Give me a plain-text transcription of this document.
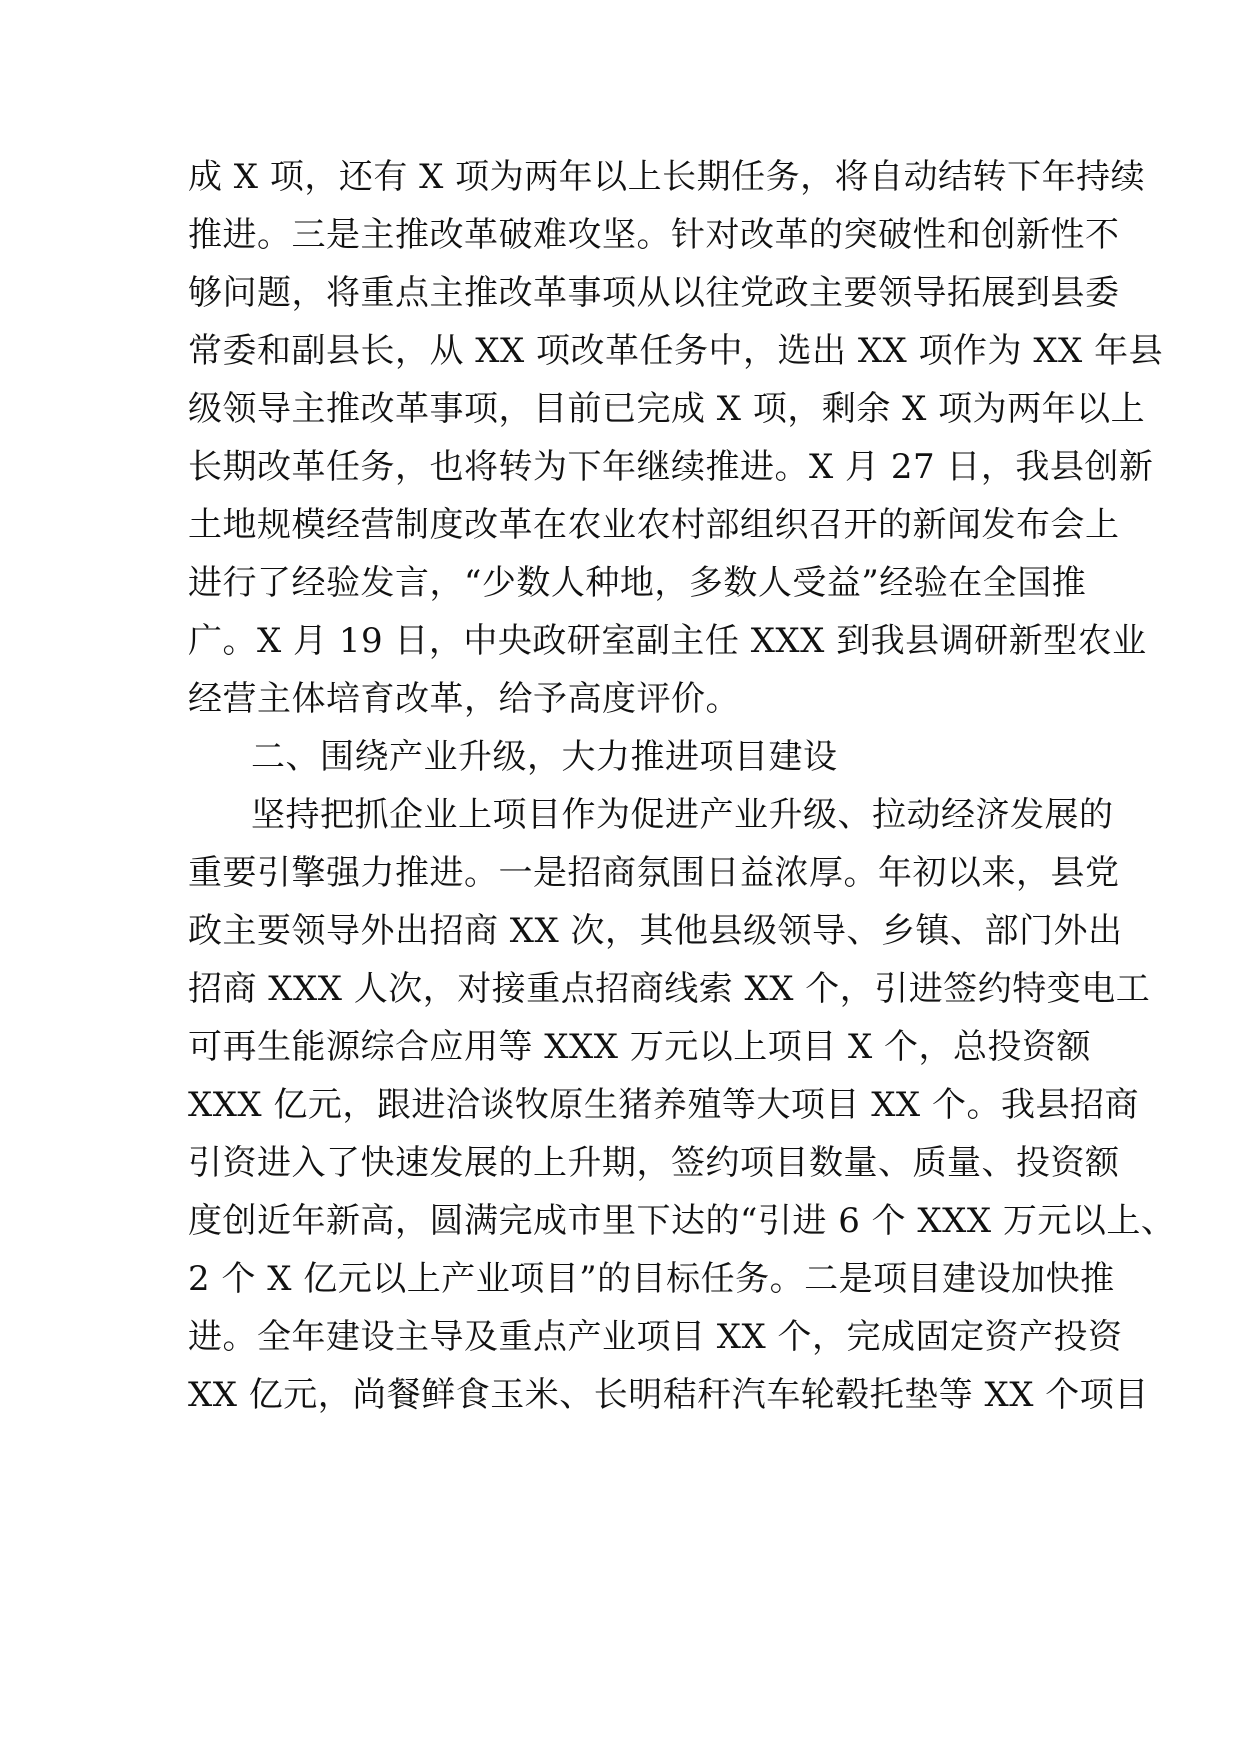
成 X 项，还有 X 项为两年以上长期任务，将自动结转下年持续

推进。三是主推改革破难攻坚。针对改革的突破性和创新性不

够问题，将重点主推改革事项从以往党政主要领导拓展到县委

常委和副县长，从 XX 项改革任务中，选出 XX 项作为 XX 年县

级领导主推改革事项，目前已完成 X 项，剩余 X 项为两年以上

长期改革任务，也将转为下年继续推进。X 月 27 日，我县创新

土地规模经营制度改革在农业农村部组织召开的新闻发布会上

进行了经验发言，“少数人种地，多数人受益”经验在全国推

广。X 月 19 日，中央政研室副主任 XXX 到我县调研新型农业

经营主体培育改革，给予高度评价。

二、围绕产业升级，大力推进项目建设

坚持把抓企业上项目作为促进产业升级、拉动经济发展的

重要引擎强力推进。一是招商氛围日益浓厚。年初以来，县党

政主要领导外出招商 XX 次，其他县级领导、乡镇、部门外出

招商 XXX 人次，对接重点招商线索 XX 个，引进签约特变电工

可再生能源综合应用等 XXX 万元以上项目 X 个，总投资额

XXX 亿元，跟进洽谈牧原生猪养殖等大项目 XX 个。我县招商

引资进入了快速发展的上升期，签约项目数量、质量、投资额

度创近年新高，圆满完成市里下达的“引进 6 个 XXX 万元以上、

2 个 X 亿元以上产业项目”的目标任务。二是项目建设加快推

进。全年建设主导及重点产业项目 XX 个，完成固定资产投资

XX 亿元，尚餐鲜食玉米、长明秸秆汽车轮毂托垫等 XX 个项目
